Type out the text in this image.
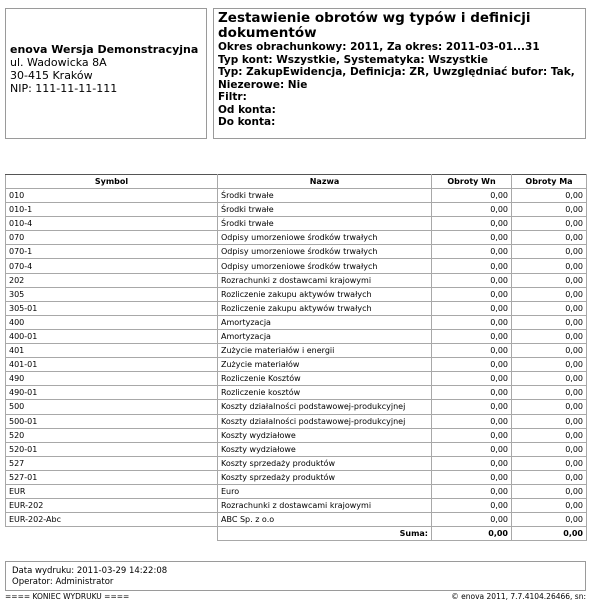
enova Wersja Demonstracyjna
ul. Wadowicka 8A
30-415 Kraków
NIP: 111-11-11-111
Zestawienie obrotów wg typów i definicji dokumentów
Okres obrachunkowy: 2011, Za okres: 2011-03-01...31
Typ kont: Wszystkie, Systematyka: Wszystkie
Typ: ZakupEwidencja, Definicja: ZR, Uwzględniać bufor: Tak, Niezerowe: Nie
Filtr:
Od konta:
Do konta:
Symbol	Nazwa	Obroty Wn	Obroty Ma
010	Środki trwałe	0,00	0,00
010-1	Środki trwałe	0,00	0,00
010-4	Środki trwałe	0,00	0,00
070	Odpisy umorzeniowe środków trwałych	0,00	0,00
070-1	Odpisy umorzeniowe środków trwałych	0,00	0,00
070-4	Odpisy umorzeniowe środków trwałych	0,00	0,00
202	Rozrachunki z dostawcami krajowymi	0,00	0,00
305	Rozliczenie zakupu aktywów trwałych	0,00	0,00
305-01	Rozliczenie zakupu aktywów trwałych	0,00	0,00
400	Amortyzacja	0,00	0,00
400-01	Amortyzacja	0,00	0,00
401	Zużycie materiałów i energii	0,00	0,00
401-01	Zużycie materiałów	0,00	0,00
490	Rozliczenie Kosztów	0,00	0,00
490-01	Rozliczenie kosztów	0,00	0,00
500	Koszty działalności podstawowej-produkcyjnej	0,00	0,00
500-01	Koszty działalności podstawowej-produkcyjnej	0,00	0,00
520	Koszty wydziałowe	0,00	0,00
520-01	Koszty wydziałowe	0,00	0,00
527	Koszty sprzedaży produktów	0,00	0,00
527-01	Koszty sprzedaży produktów	0,00	0,00
EUR	Euro	0,00	0,00
EUR-202	Rozrachunki z dostawcami krajowymi	0,00	0,00
EUR-202-Abc	ABC Sp. z o.o	0,00	0,00
	Suma:	0,00	0,00
Data wydruku: 2011-03-29 14:22:08
Operator: Administrator
==== KONIEC WYDRUKU ====	© enova 2011, 7.7.4104.26466, sn:
